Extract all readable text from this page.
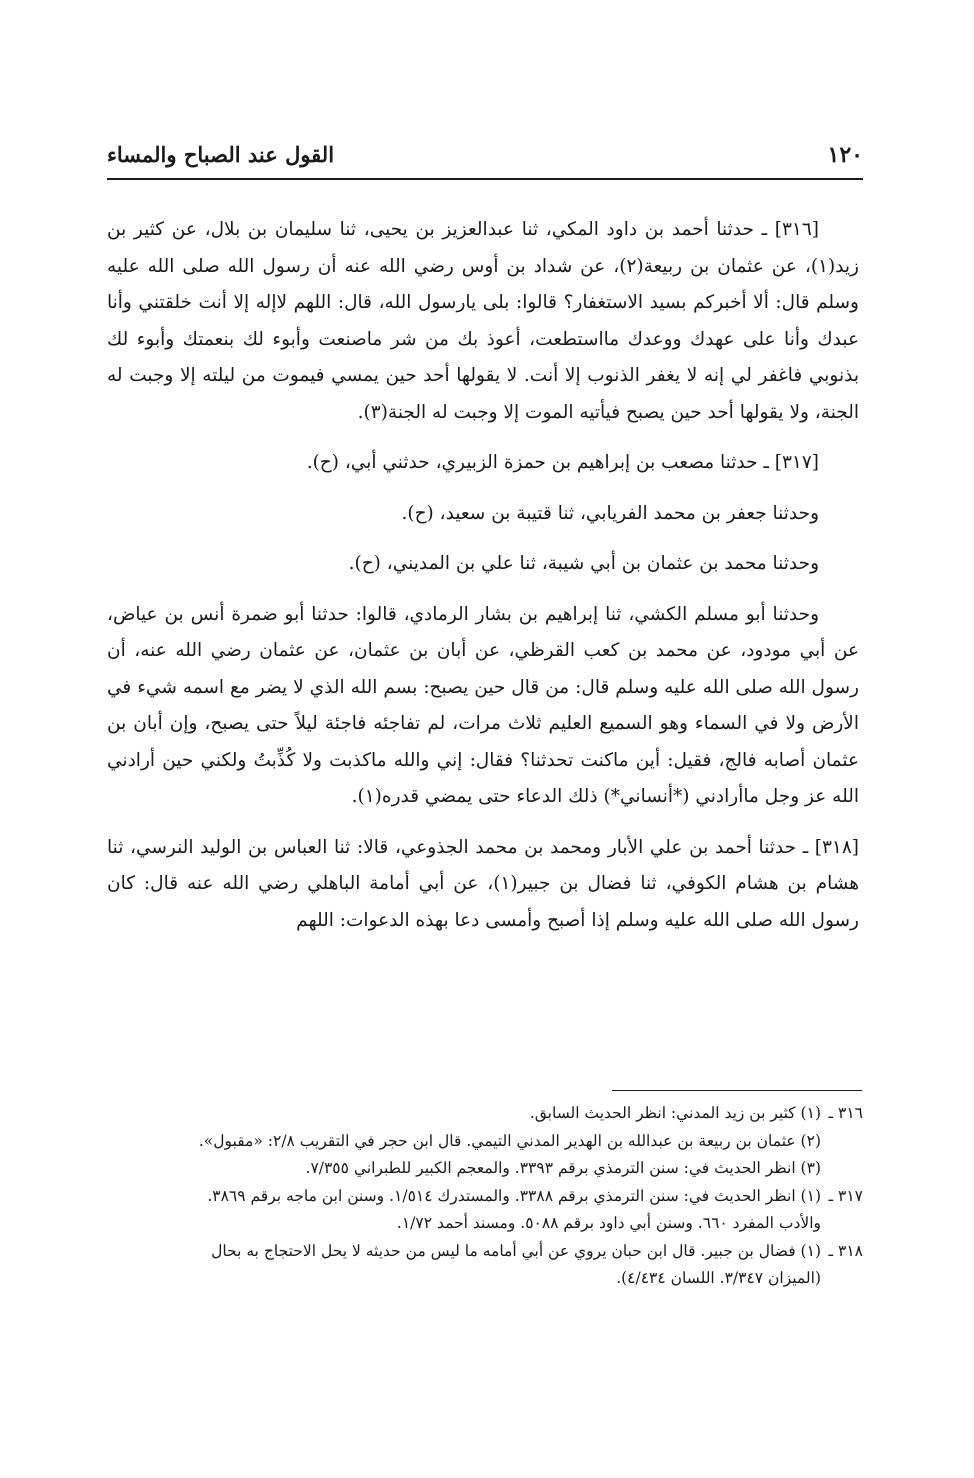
١٢٠
القول عند الصباح والمساء

[٣١٦] ـ حدثنا أحمد بن داود المكي، ثنا عبدالعزيز بن يحيى، ثنا سليمان بن بلال، عن كثير بن زيد(١)، عن عثمان بن ربيعة(٢)، عن شداد بن أوس رضي الله عنه أن رسول الله صلى الله عليه وسلم قال: ألا أخبركم بسيد الاستغفار؟ قالوا: بلى يارسول الله، قال: اللهم لاإله إلا أنت خلقتني وأنا عبدك وأنا على عهدك ووعدك مااستطعت، أعوذ بك من شر ماصنعت وأبوء لك بنعمتك وأبوء لك بذنوبي فاغفر لي إنه لا يغفر الذنوب إلا أنت. لا يقولها أحد حين يمسي فيموت من ليلته إلا وجبت له الجنة، ولا يقولها أحد حين يصبح فيأتيه الموت إلا وجبت له الجنة(٣).

[٣١٧] ـ حدثنا مصعب بن إبراهيم بن حمزة الزبيري، حدثني أبي، (ح).

وحدثنا جعفر بن محمد الفريابي، ثنا قتيبة بن سعيد، (ح).

وحدثنا محمد بن عثمان بن أبي شيبة، ثنا علي بن المديني، (ح).

وحدثنا أبو مسلم الكشي، ثنا إبراهيم بن بشار الرمادي، قالوا: حدثنا أبو ضمرة أنس بن عياض، عن أبي مودود، عن محمد بن كعب القرظي، عن أبان بن عثمان، عن عثمان رضي الله عنه، أن رسول الله صلى الله عليه وسلم قال: من قال حين يصبح: بسم الله الذي لا يضر مع اسمه شيء في الأرض ولا في السماء وهو السميع العليم ثلاث مرات، لم تفاجئه فاجئة ليلاً حتى يصبح، وإن أبان بن عثمان أصابه فالج، فقيل: أين ماكنت تحدثنا؟ فقال: إني والله ماكذبت ولا كُذِّبتُ ولكني حين أرادني الله عز وجل ماأرادني (*أنساني*) ذلك الدعاء حتى يمضي قدره(١).

[٣١٨] ـ حدثنا أحمد بن علي الأبار ومحمد بن محمد الجذوعي، قالا: ثنا العباس بن الوليد النرسي، ثنا هشام بن هشام الكوفي، ثنا فضال بن جبير(١)، عن أبي أمامة الباهلي رضي الله عنه قال: كان رسول الله صلى الله عليه وسلم إذا أصبح وأمسى دعا بهذه الدعوات: اللهم

٣١٦ ـ
(١) كثير بن زيد المدني: انظر الحديث السابق.
(٢) عثمان بن ربيعة بن عبدالله بن الهدير المدني التيمي. قال ابن حجر في التقريب ٢/٨: «مقبول».
(٣) انظر الحديث في: سنن الترمذي برقم ٣٣٩٣. والمعجم الكبير للطبراني ٧/٣٥٥.
٣١٧ ـ
(١) انظر الحديث في: سنن الترمذي برقم ٣٣٨٨. والمستدرك ١/٥١٤. وسنن ابن ماجه برقم ٣٨٦٩.
والأدب المفرد ٦٦٠. وسنن أبي داود برقم ٥٠٨٨. ومسند أحمد ١/٧٢.
٣١٨ ـ
(١) فضال بن جبير. قال ابن حبان يروي عن أبي أمامه ما ليس من حديثه لا يحل الاحتجاج به بحال
(الميزان ٣/٣٤٧. اللسان ٤/٤٣٤).
